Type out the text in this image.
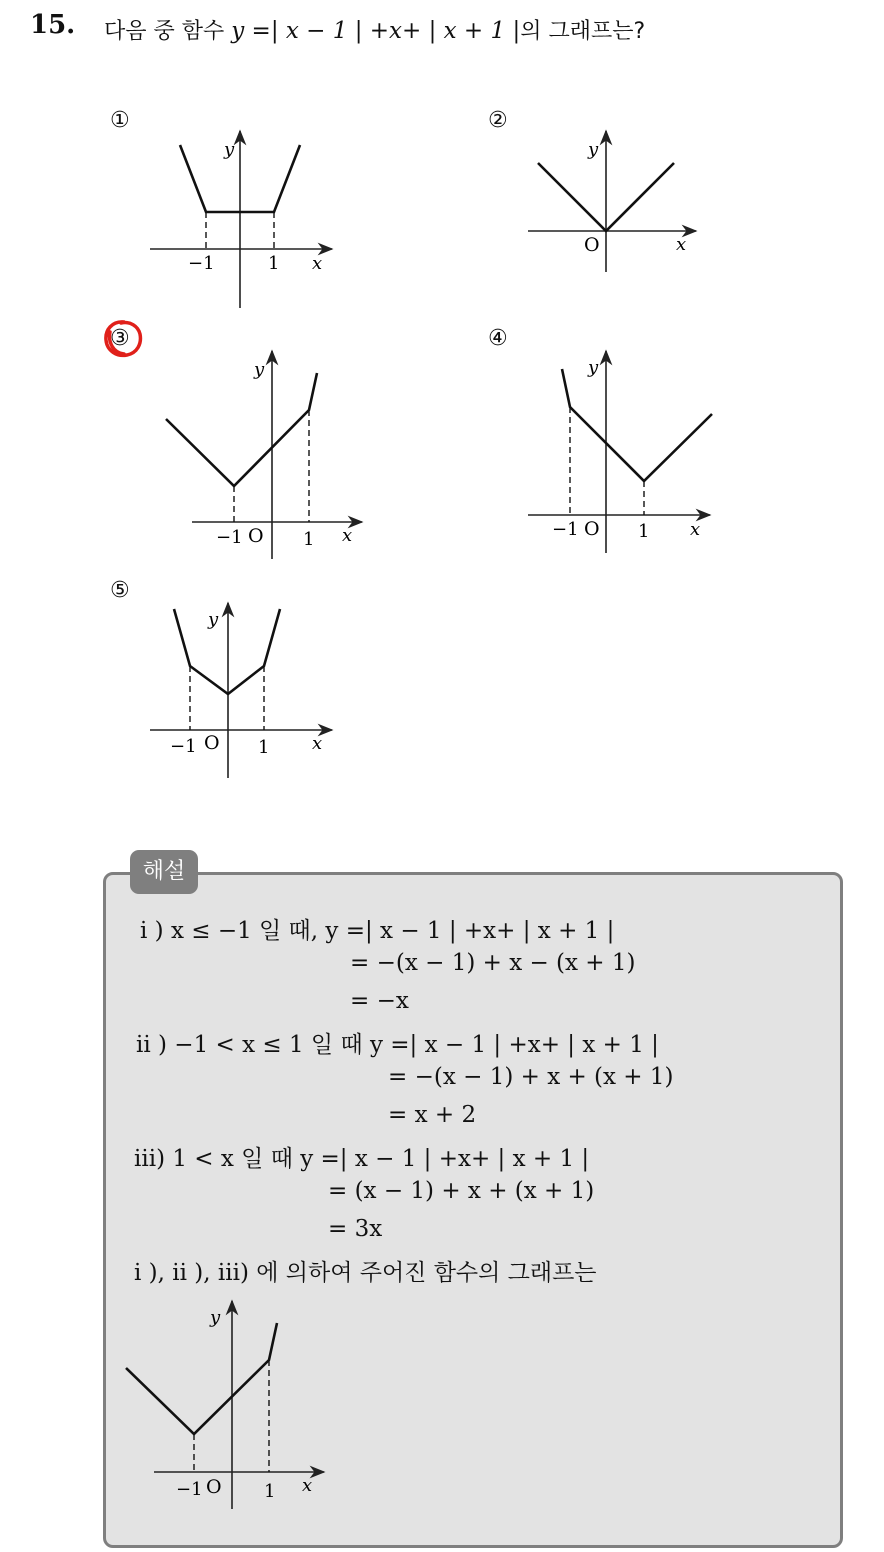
15. 다음 중 함수 y =| x − 1 | +x+ | x + 1 |의 그래프는?
①	②
③	④
⑤
y
x
−1	1
y
x
O
y
x
−1 O 1
y
x
−1 O 1
y
x
−1 O 1
해설
i ) x ≤ −1 일 때, y =| x − 1 | +x+ | x + 1 |
= −(x − 1) + x − (x + 1)
= −x
ii ) −1 < x ≤ 1 일 때 y =| x − 1 | +x+ | x + 1 |
= −(x − 1) + x + (x + 1)
= x + 2
iii) 1 < x 일 때 y =| x − 1 | +x+ | x + 1 |
= (x − 1) + x + (x + 1)
= 3x
i ), ii ), iii) 에 의하여 주어진 함수의 그래프는
y
x
−1 O 1
